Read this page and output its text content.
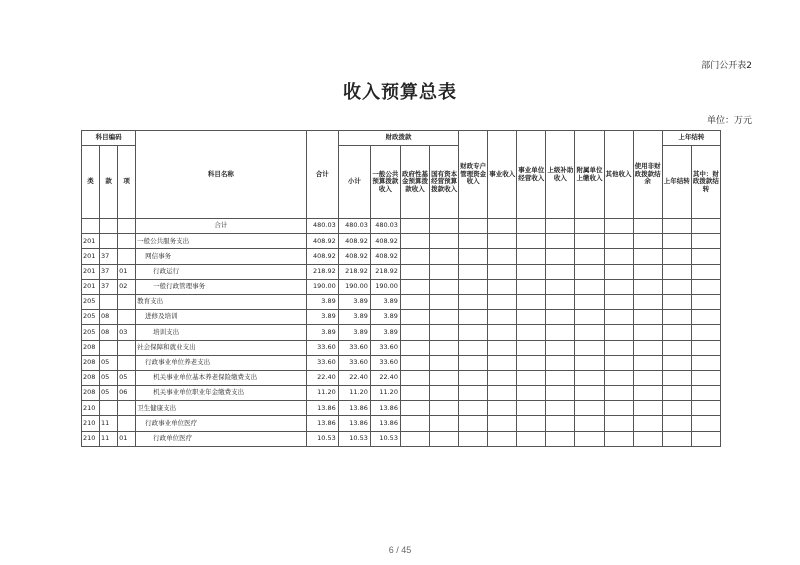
部门公开表2
收入预算总表
单位：万元
科目编码			科目名称	合计	财政拨款				财政专户管理资金收入	事业收入	事业单位经营收入	上级补助收入	附属单位上缴收入	其他收入	使用非财政拨款结余	上年结转	
类	款	项			小计	一般公共预算拨款收入	政府性基金预算拨款收入	国有资本经营预算拨款收入								上年结转	其中：财政拨款结转
			合计	480.03	480.03	480.03											
201			一般公共服务支出	408.92	408.92	408.92											
201	37		网信事务	408.92	408.92	408.92											
201	37	01	行政运行	218.92	218.92	218.92											
201	37	02	一般行政管理事务	190.00	190.00	190.00											
205			教育支出	3.89	3.89	3.89											
205	08		进修及培训	3.89	3.89	3.89											
205	08	03	培训支出	3.89	3.89	3.89											
208			社会保障和就业支出	33.60	33.60	33.60											
208	05		行政事业单位养老支出	33.60	33.60	33.60											
208	05	05	机关事业单位基本养老保险缴费支出	22.40	22.40	22.40											
208	05	06	机关事业单位职业年金缴费支出	11.20	11.20	11.20											
210			卫生健康支出	13.86	13.86	13.86											
210	11		行政事业单位医疗	13.86	13.86	13.86											
210	11	01	行政单位医疗	10.53	10.53	10.53											
6 / 45
